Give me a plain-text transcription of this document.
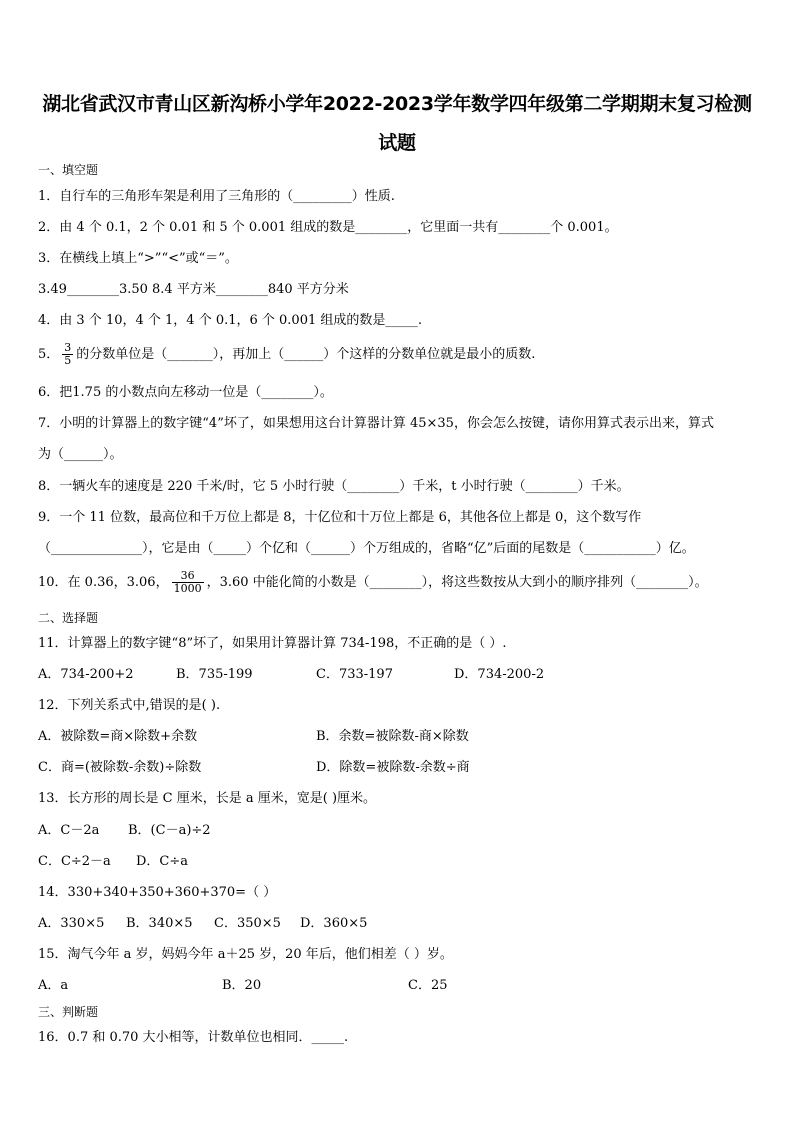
湖北省武汉市青山区新沟桥小学年2022-2023学年数学四年级第二学期期末复习检测
试题
一、填空题
1．自行车的三角形车架是利用了三角形的（_________）性质.
2．由 4 个 0.1，2 个 0.01 和 5 个 0.001 组成的数是________，它里面一共有________个 0.001。
3．在横线上填上“>”“<”或“＝”。
3.49________3.50 8.4 平方米________840 平方分米
4．由 3 个 10，4 个 1，4 个 0.1，6 个 0.001 组成的数是_____.
5． $\frac{3}{5}$ 的分数单位是（_______），再加上（______）个这样的分数单位就是最小的质数.
6．把1.75 的小数点向左移动一位是（________）。
7．小明的计算器上的数字键“4”坏了，如果想用这台计算器计算 45×35，你会怎么按键，请你用算式表示出来，算式
为（______）。
8．一辆火车的速度是 220 千米/时，它 5 小时行驶（________）千米，t 小时行驶（________）千米。
9．一个 11 位数，最高位和千万位上都是 8，十亿位和十万位上都是 6，其他各位上都是 0，这个数写作
（______________），它是由（_____）个亿和（______）个万组成的，省略“亿”后面的尾数是（___________）亿。
10．在 0.36，3.06， $\frac{36}{1000}$ ，3.60 中能化简的小数是（________），将这些数按从大到小的顺序排列（________）。
二、选择题
11．计算器上的数字键“8”坏了，如果用计算器计算 734-198，不正确的是（ ）.
A．734-200+2	B．735-199	C．733-197	D．734-200-2
12．下列关系式中,错误的是( ).
A．被除数=商×除数+余数	B．余数=被除数-商×除数
C．商=(被除数-余数)÷除数	D．除数=被除数-余数÷商
13．长方形的周长是 C 厘米，长是 a 厘米，宽是( )厘米。
A．C－2a B．(C－a)÷2
C．C÷2－a D．C÷a
14．330+340+350+360+370=（ ）
A．330×5 B．340×5 C．350×5 D．360×5
15．淘气今年 a 岁，妈妈今年 a＋25 岁，20 年后，他们相差（ ）岁。
A．a	B．20	C．25
三、判断题
16．0.7 和 0.70 大小相等，计数单位也相同．_____.
